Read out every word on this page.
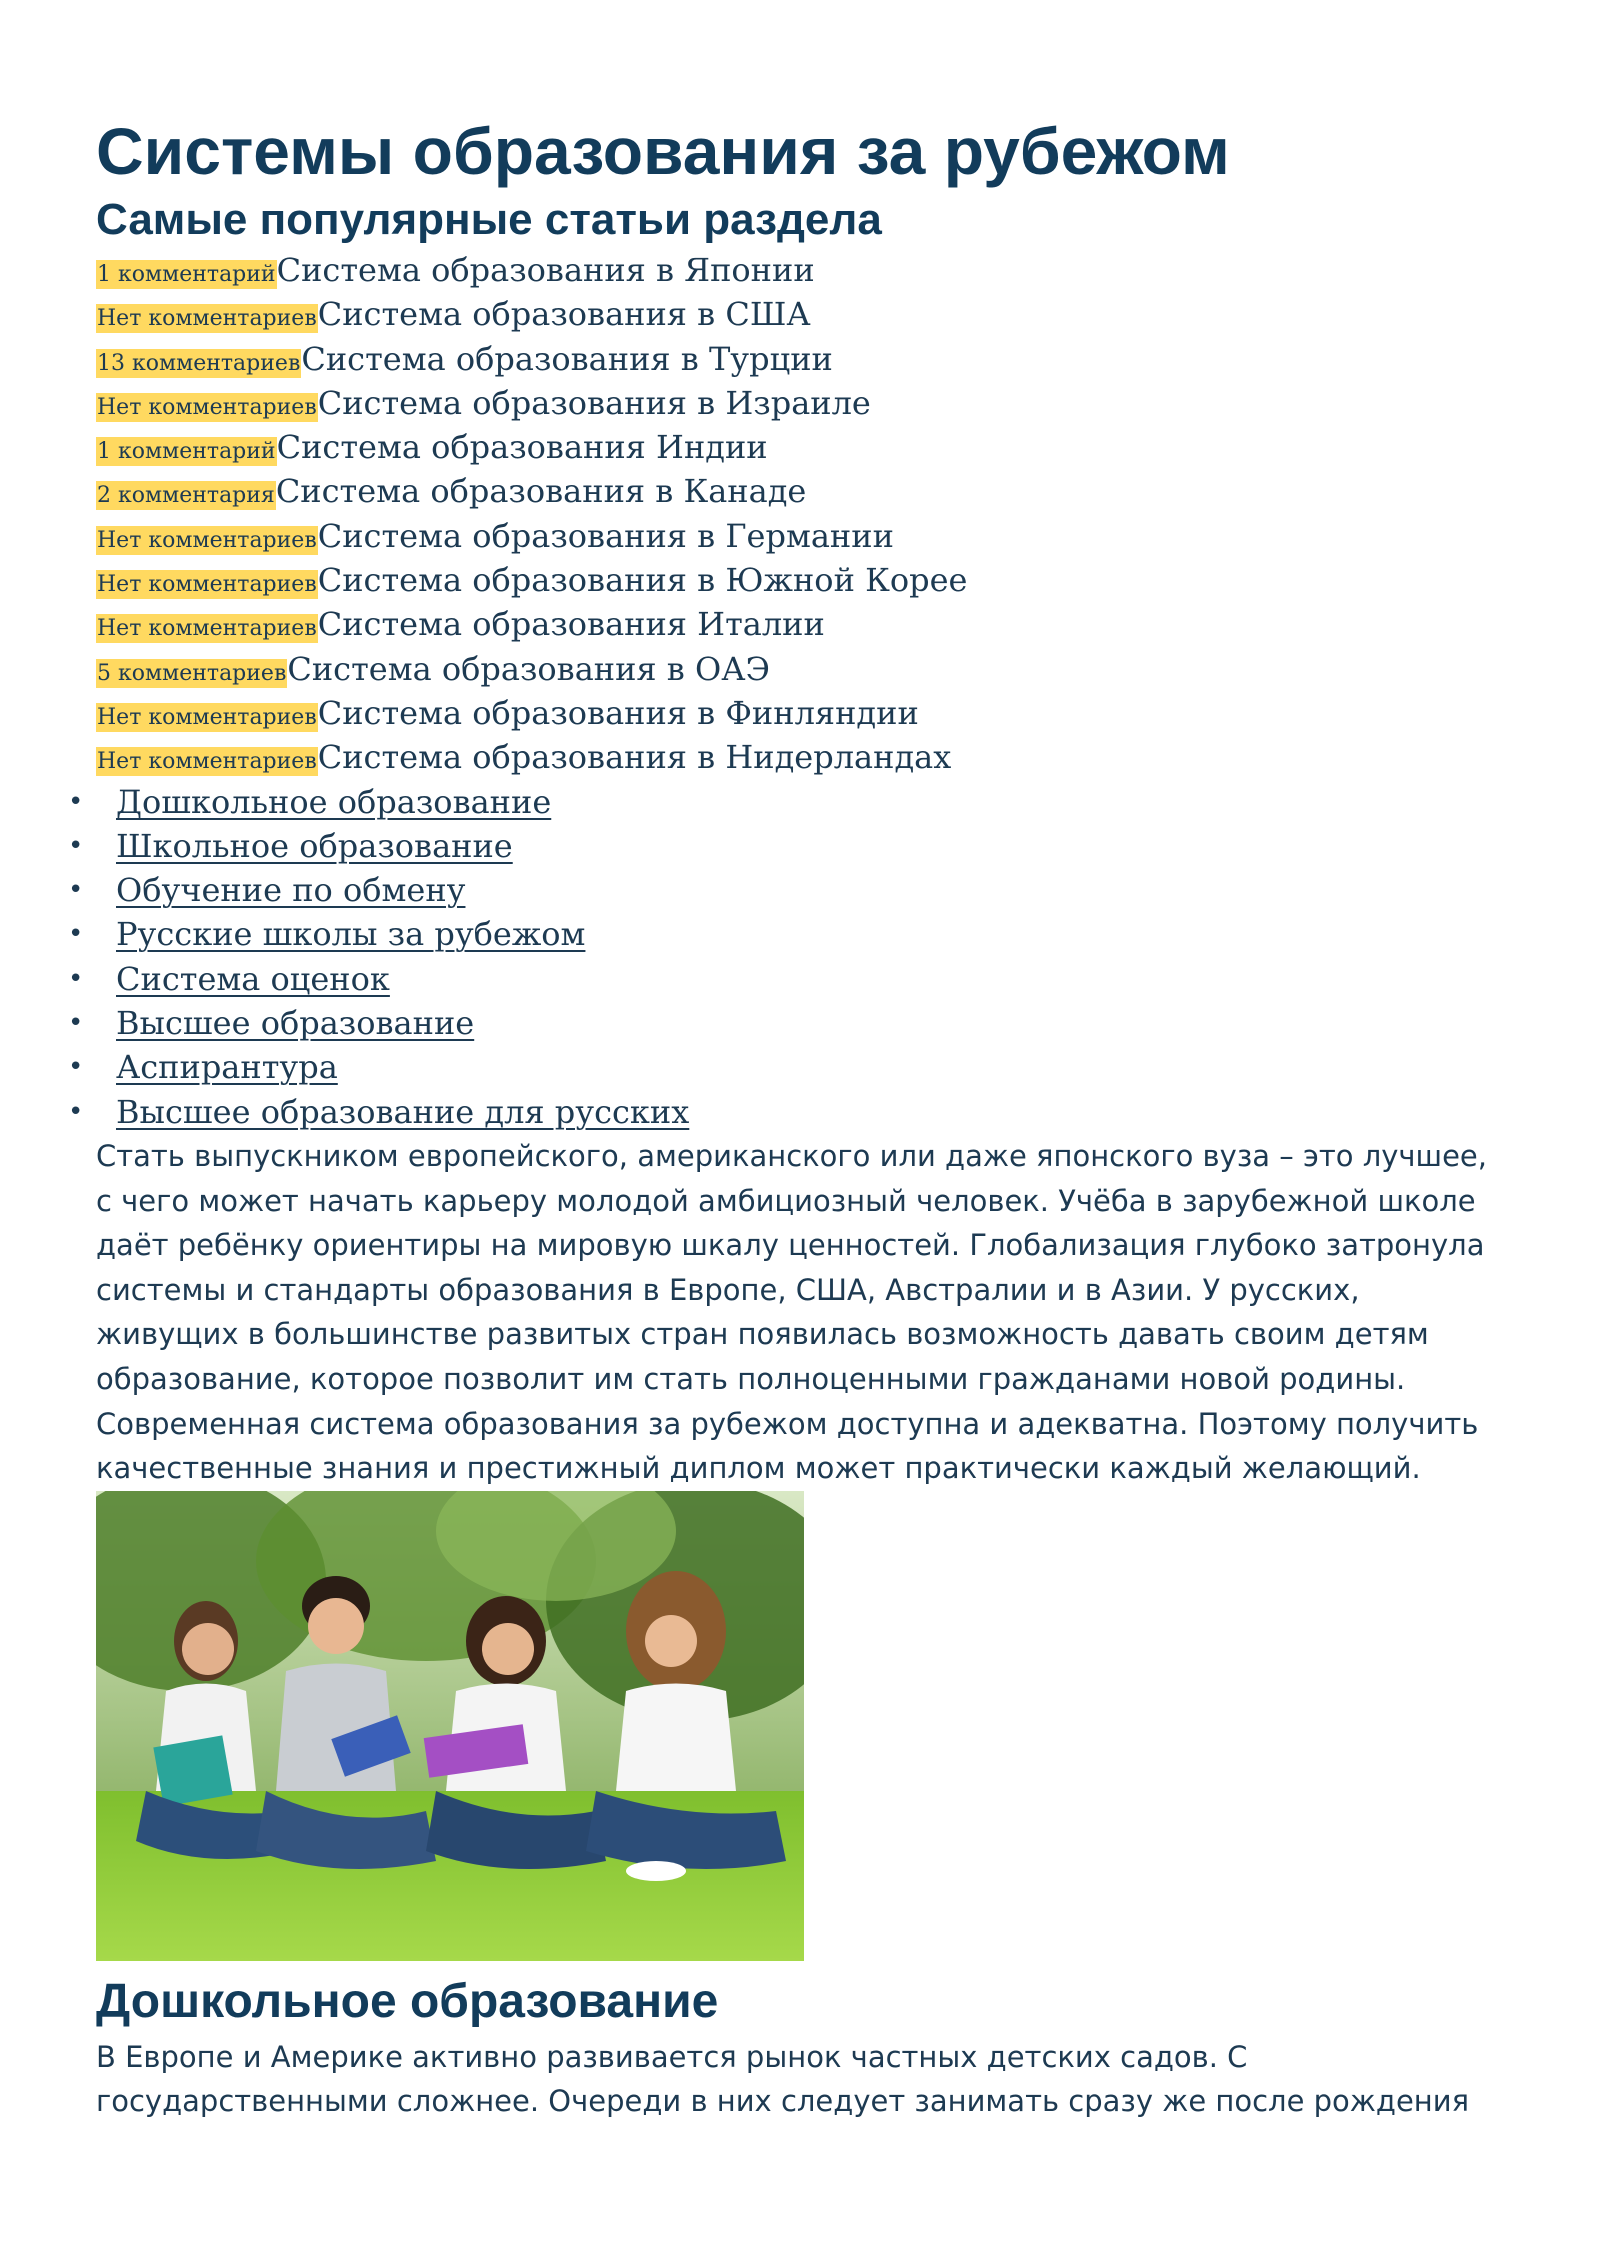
Системы образования за рубежом
Самые популярные статьи раздела
1 комментарийСистема образования в Японии
Нет комментариевСистема образования в США
13 комментариевСистема образования в Турции
Нет комментариевСистема образования в Израиле
1 комментарийСистема образования Индии
2 комментарияСистема образования в Канаде
Нет комментариевСистема образования в Германии
Нет комментариевСистема образования в Южной Корее
Нет комментариевСистема образования Италии
5 комментариевСистема образования в ОАЭ
Нет комментариевСистема образования в Финляндии
Нет комментариевСистема образования в Нидерландах
• Дошкольное образование
• Школьное образование
• Обучение по обмену
• Русские школы за рубежом
• Система оценок
• Высшее образование
• Аспирантура
• Высшее образование для русских

Стать выпускником европейского, американского или даже японского вуза – это лучшее, с чего может начать карьеру молодой амбициозный человек. Учёба в зарубежной школе даёт ребёнку ориентиры на мировую шкалу ценностей. Глобализация глубоко затронула системы и стандарты образования в Европе, США, Австралии и в Азии. У русских, живущих в большинстве развитых стран появилась возможность давать своим детям образование, которое позволит им стать полноценными гражданами новой родины. Современная система образования за рубежом доступна и адекватна. Поэтому получить качественные знания и престижный диплом может практически каждый желающий.

Дошкольное образование

В Европе и Америке активно развивается рынок частных детских садов. С государственными сложнее. Очереди в них следует занимать сразу же после рождения
